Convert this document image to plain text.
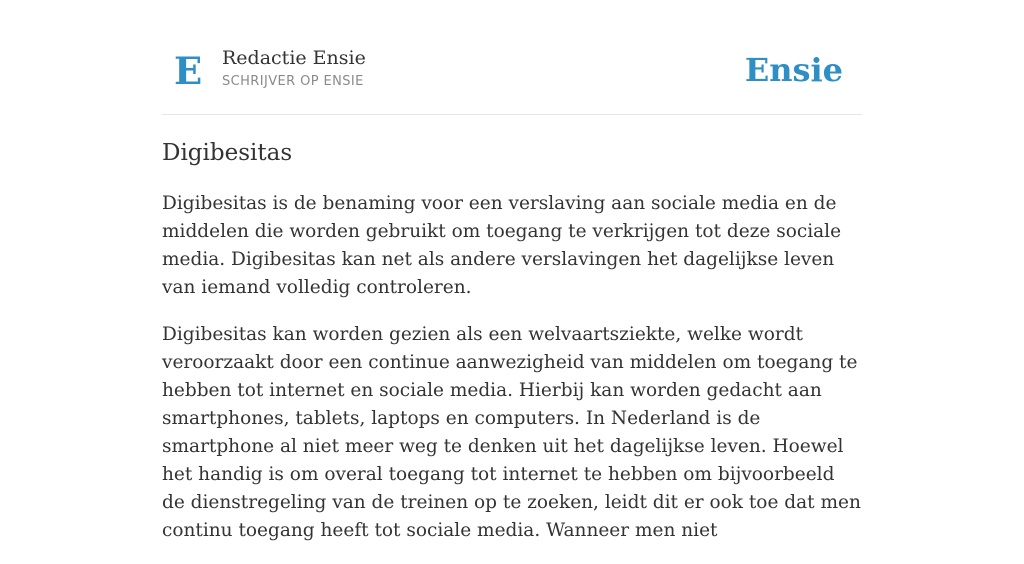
E Redactie Ensie
SCHRIJVER OP ENSIE	Ensie
Digibesitas

Digibesitas is de benaming voor een verslaving aan sociale media en de middelen die worden gebruikt om toegang te verkrijgen tot deze sociale media. Digibesitas kan net als andere verslavingen het dagelijkse leven van iemand volledig controleren.

Digibesitas kan worden gezien als een welvaartsziekte, welke wordt veroorzaakt door een continue aanwezigheid van middelen om toegang te hebben tot internet en sociale media. Hierbij kan worden gedacht aan smartphones, tablets, laptops en computers. In Nederland is de smartphone al niet meer weg te denken uit het dagelijkse leven. Hoewel het handig is om overal toegang tot internet te hebben om bijvoorbeeld de dienstregeling van de treinen op te zoeken, leidt dit er ook toe dat men continu toegang heeft tot sociale media. Wanneer men niet
